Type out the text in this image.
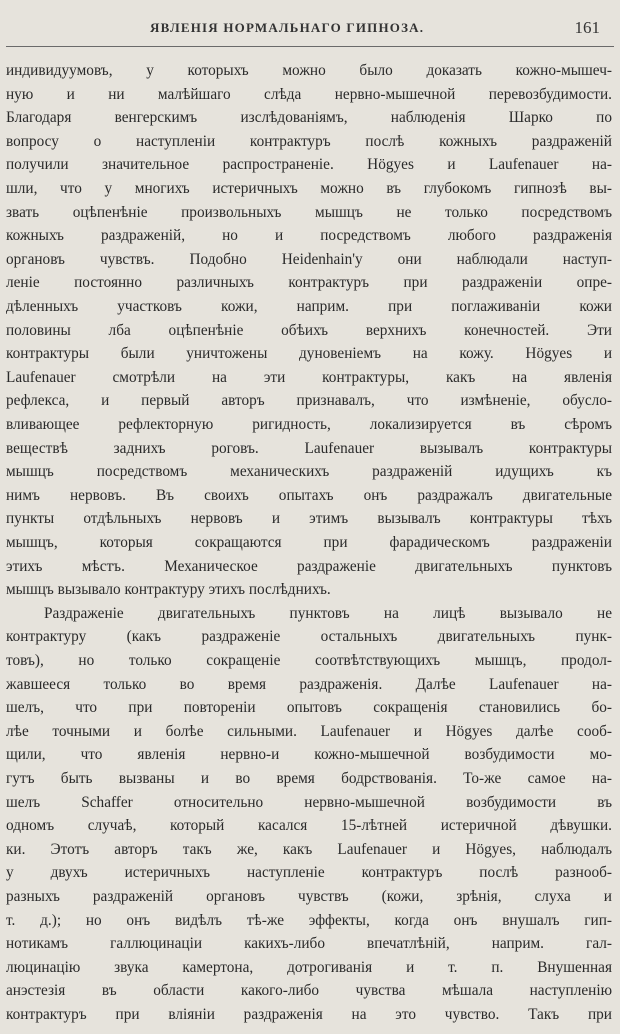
ЯВЛЕНІЯ НОРМАЛЬНАГО ГИПНОЗА.	161
индивидуумовъ, у которыхъ можно было доказать кожно-мышеч-
ную и ни малѣйшаго слѣда нервно-мышечной перевозбудимости.
Благодаря венгерскимъ изслѣдованіямъ, наблюденія Шарко по
вопросу о наступленіи контрактуръ послѣ кожныхъ раздраженій
получили значительное распространеніе. Högyes и Laufenauer на-
шли, что у многихъ истеричныхъ можно въ глубокомъ гипнозѣ вы-
звать оцѣпенѣніе произвольныхъ мышцъ не только посредствомъ
кожныхъ раздраженій, но и посредствомъ любого раздраженія
органовъ чувствъ. Подобно Heidenhain'у они наблюдали наступ-
леніе постоянно различныхъ контрактуръ при раздраженіи опре-
дѣленныхъ участковъ кожи, наприм. при поглаживаніи кожи
половины лба оцѣпенѣніе обѣихъ верхнихъ конечностей. Эти
контрактуры были уничтожены дуновеніемъ на кожу. Högyes и
Laufenauer смотрѣли на эти контрактуры, какъ на явленія
рефлекса, и первый авторъ признавалъ, что измѣненіе, обусло-
вливающее рефлекторную ригидность, локализируется въ сѣромъ
веществѣ заднихъ роговъ. Laufenauer вызывалъ контрактуры
мышцъ посредствомъ механическихъ раздраженій идущихъ къ
нимъ нервовъ. Въ своихъ опытахъ онъ раздражалъ двигательные
пункты отдѣльныхъ нервовъ и этимъ вызывалъ контрактуры тѣхъ
мышцъ, которыя сокращаются при фарадическомъ раздраженіи
этихъ мѣстъ. Механическое раздраженіе двигательныхъ пунктовъ
мышцъ вызывало контрактуру этихъ послѣднихъ.
Раздраженіе двигательныхъ пунктовъ на лицѣ вызывало не
контрактуру (какъ раздраженіе остальныхъ двигательныхъ пунк-
товъ), но только сокращеніе соотвѣтствующихъ мышцъ, продол-
жавшееся только во время раздраженія. Далѣе Laufenauer на-
шелъ, что при повтореніи опытовъ сокращенія становились бо-
лѣе точными и болѣе сильными. Laufenauer и Högyes далѣе сооб-
щили, что явленія нервно-и кожно-мышечной возбудимости мо-
гутъ быть вызваны и во время бодрствованія. То-же самое на-
шелъ Schaffer относительно нервно-мышечной возбудимости въ
одномъ случаѣ, который касался 15-лѣтней истеричной дѣвушки.
ки. Этотъ авторъ такъ же, какъ Laufenauer и Högyes, наблюдалъ
у двухъ истеричныхъ наступленіе контрактуръ послѣ разнооб-
разныхъ раздраженій органовъ чувствъ (кожи, зрѣнія, слуха и
т. д.); но онъ видѣлъ тѣ-же эффекты, когда онъ внушалъ гип-
нотикамъ галлюцинаціи какихъ-либо впечатлѣній, наприм. гал-
люцинацію звука камертона, дотрогиванія и т. п. Внушенная
анэстезія въ области какого-либо чувства мѣшала наступленію
контрактуръ при вліяніи раздраженія на это чувство. Такъ при
